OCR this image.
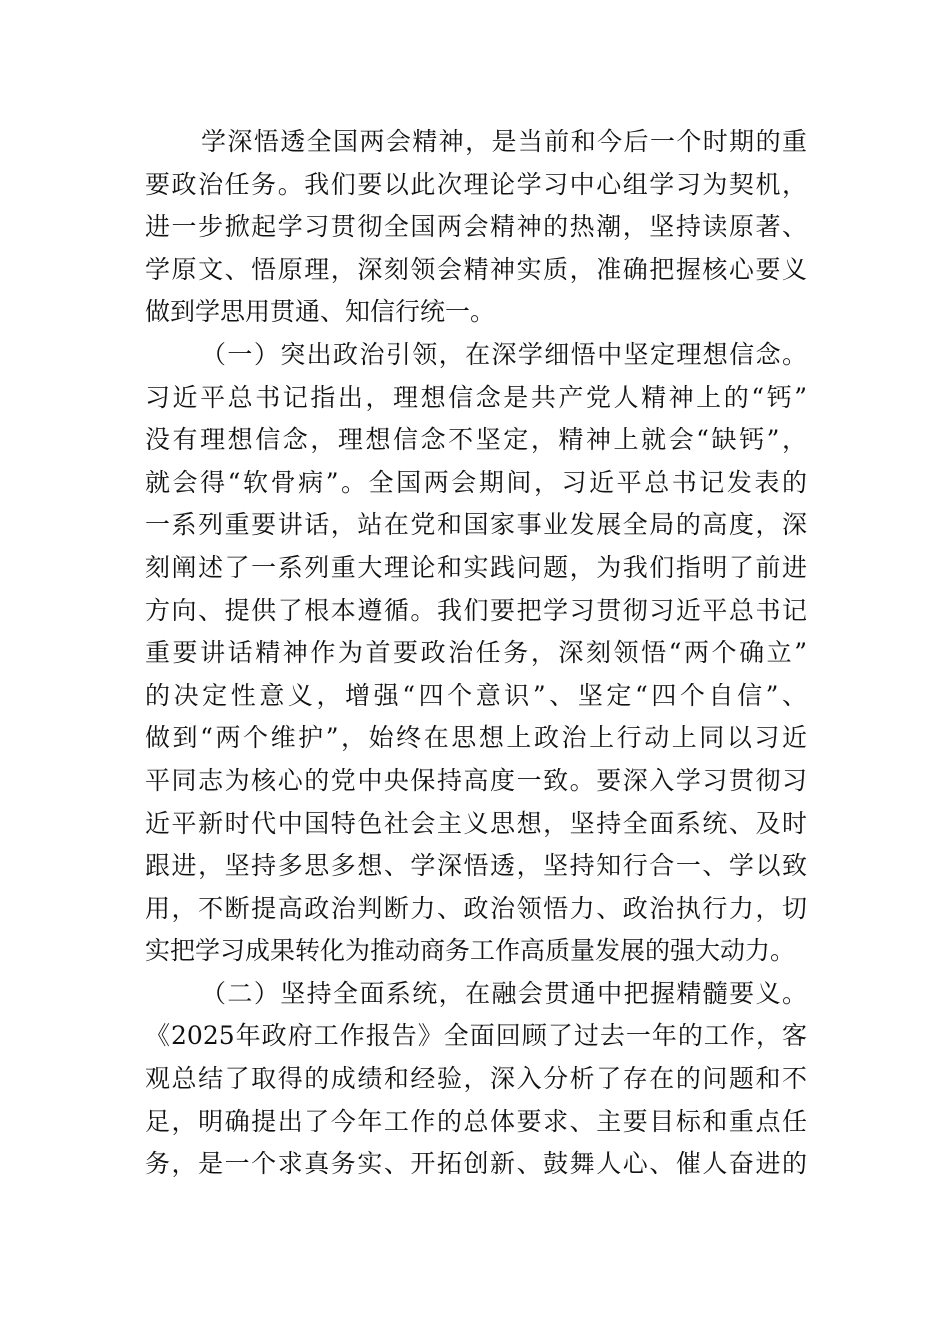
学深悟透全国两会精神，是当前和今后一个时期的重
要政治任务。我们要以此次理论学习中心组学习为契机，
进一步掀起学习贯彻全国两会精神的热潮，坚持读原著、
学原文、悟原理，深刻领会精神实质，准确把握核心要义
做到学思用贯通、知信行统一。
（一）突出政治引领，在深学细悟中坚定理想信念。
习近平总书记指出，理想信念是共产党人精神上的“钙”
没有理想信念，理想信念不坚定，精神上就会“缺钙”，
就会得“软骨病”。全国两会期间，习近平总书记发表的
一系列重要讲话，站在党和国家事业发展全局的高度，深
刻阐述了一系列重大理论和实践问题，为我们指明了前进
方向、提供了根本遵循。我们要把学习贯彻习近平总书记
重要讲话精神作为首要政治任务，深刻领悟“两个确立”
的决定性意义，增强“四个意识”、坚定“四个自信”、
做到“两个维护”，始终在思想上政治上行动上同以习近
平同志为核心的党中央保持高度一致。要深入学习贯彻习
近平新时代中国特色社会主义思想，坚持全面系统、及时
跟进，坚持多思多想、学深悟透，坚持知行合一、学以致
用，不断提高政治判断力、政治领悟力、政治执行力，切
实把学习成果转化为推动商务工作高质量发展的强大动力。
（二）坚持全面系统，在融会贯通中把握精髓要义。
《2025年政府工作报告》全面回顾了过去一年的工作，客
观总结了取得的成绩和经验，深入分析了存在的问题和不
足，明确提出了今年工作的总体要求、主要目标和重点任
务，是一个求真务实、开拓创新、鼓舞人心、催人奋进的
